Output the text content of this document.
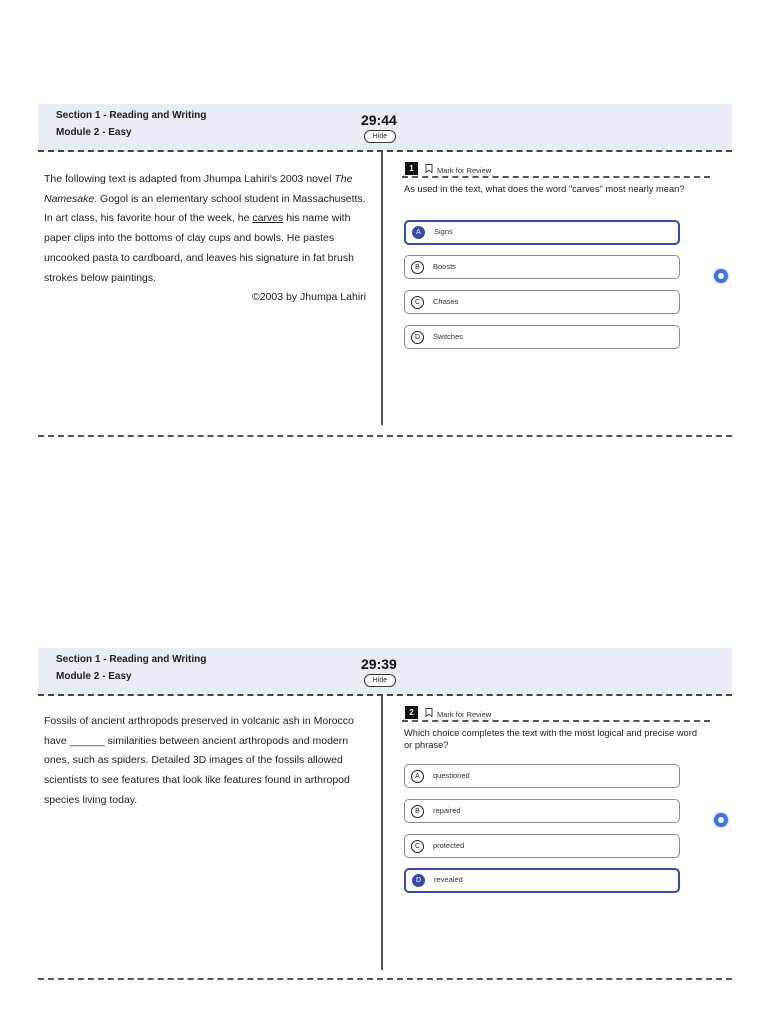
Section 1 - Reading and Writing
Module 2 - Easy
29:44
Hide

The following text is adapted from Jhumpa Lahiri's 2003 novel The Namesake. Gogol is an elementary school student in Massachusetts.

In art class, his favorite hour of the week, he carves his name with paper clips into the bottoms of clay cups and bowls. He pastes uncooked pasta to cardboard, and leaves his signature in fat brush strokes below paintings.

©2003 by Jhumpa Lahiri

1	Mark for Review
As used in the text, what does the word "carves" most nearly mean?
A	Signs
B	Boosts
C	Chases
D	Switches
Section 1 - Reading and Writing
Module 2 - Easy
29:39
Hide

Fossils of ancient arthropods preserved in volcanic ash in Morocco have ______ similarities between ancient arthropods and modern ones, such as spiders. Detailed 3D images of the fossils allowed scientists to see features that look like features found in arthropod species living today.

2	Mark for Review
Which choice completes the text with the most logical and precise word or phrase?
A	questioned
B	repaired
C	protected
D	revealed
